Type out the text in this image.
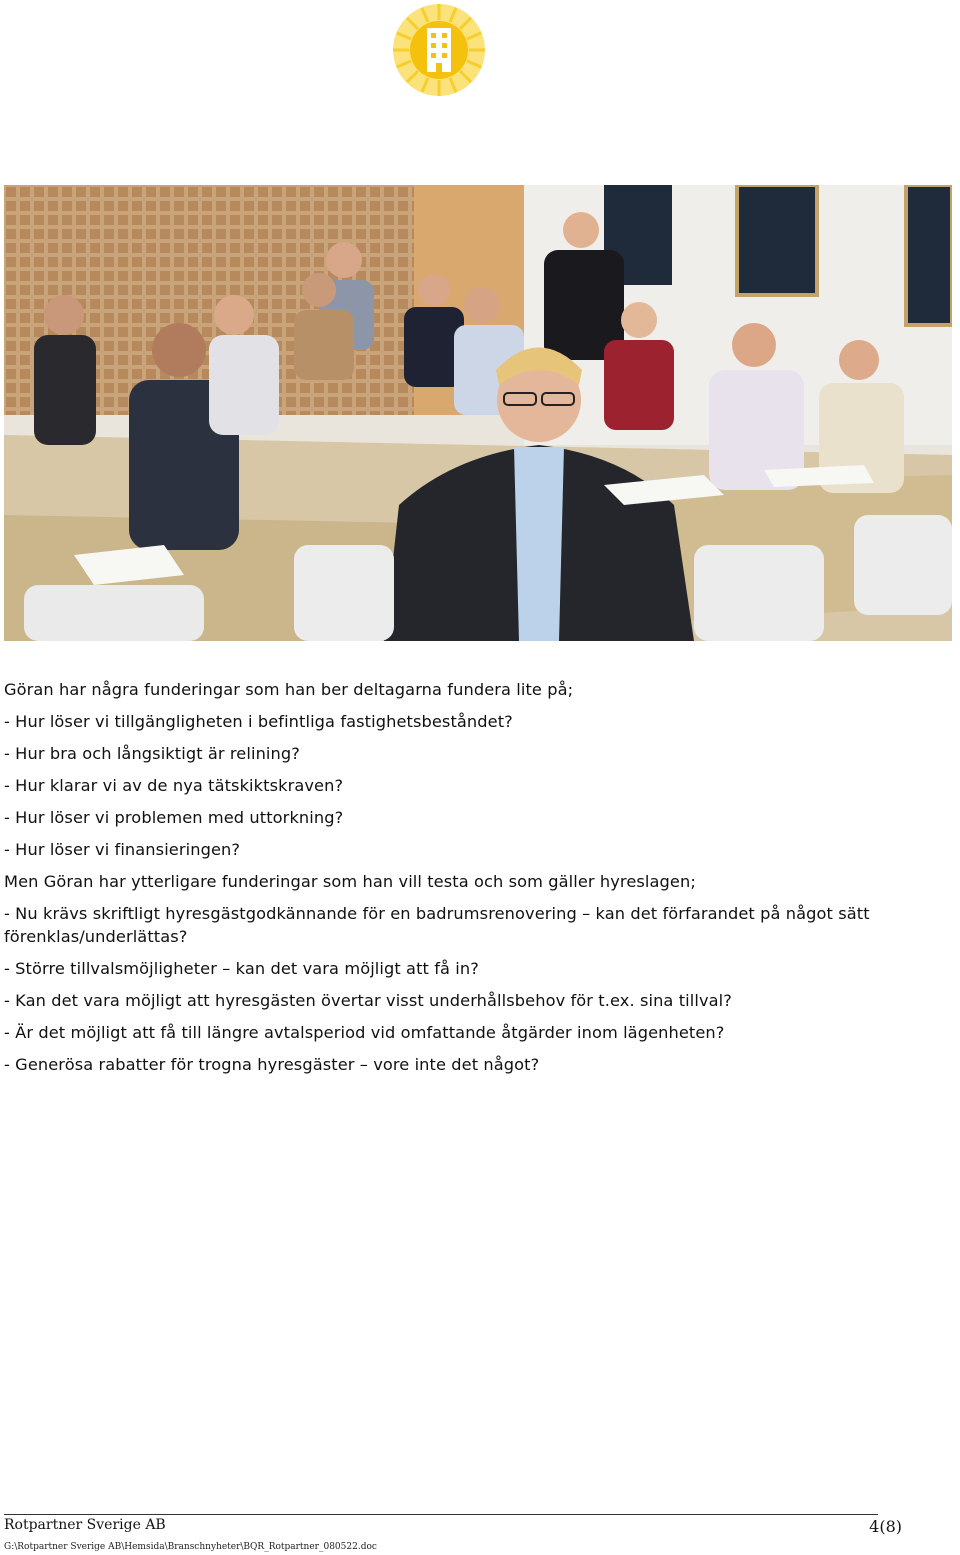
Göran har några funderingar som han ber deltagarna fundera lite på;

- Hur löser vi tillgängligheten i befintliga fastighetsbeståndet?

- Hur bra och långsiktigt är relining?

- Hur klarar vi av de nya tätskiktskraven?

- Hur löser vi problemen med uttorkning?

- Hur löser vi finansieringen?

Men Göran har ytterligare funderingar som han vill testa och som gäller hyreslagen;

- Nu krävs skriftligt hyresgästgodkännande för en badrumsrenovering – kan det förfarandet på något sätt förenklas/underlättas?

- Större tillvalsmöjligheter – kan det vara möjligt att få in?

- Kan det vara möjligt att hyresgästen övertar visst underhållsbehov för t.ex. sina tillval?

- Är det möjligt att få till längre avtalsperiod vid omfattande åtgärder inom lägenheten?

- Generösa rabatter för trogna hyresgäster – vore inte det något?

Rotpartner Sverige AB	4(8)
G:\Rotpartner Sverige AB\Hemsida\Branschnyheter\BQR_Rotpartner_080522.doc
